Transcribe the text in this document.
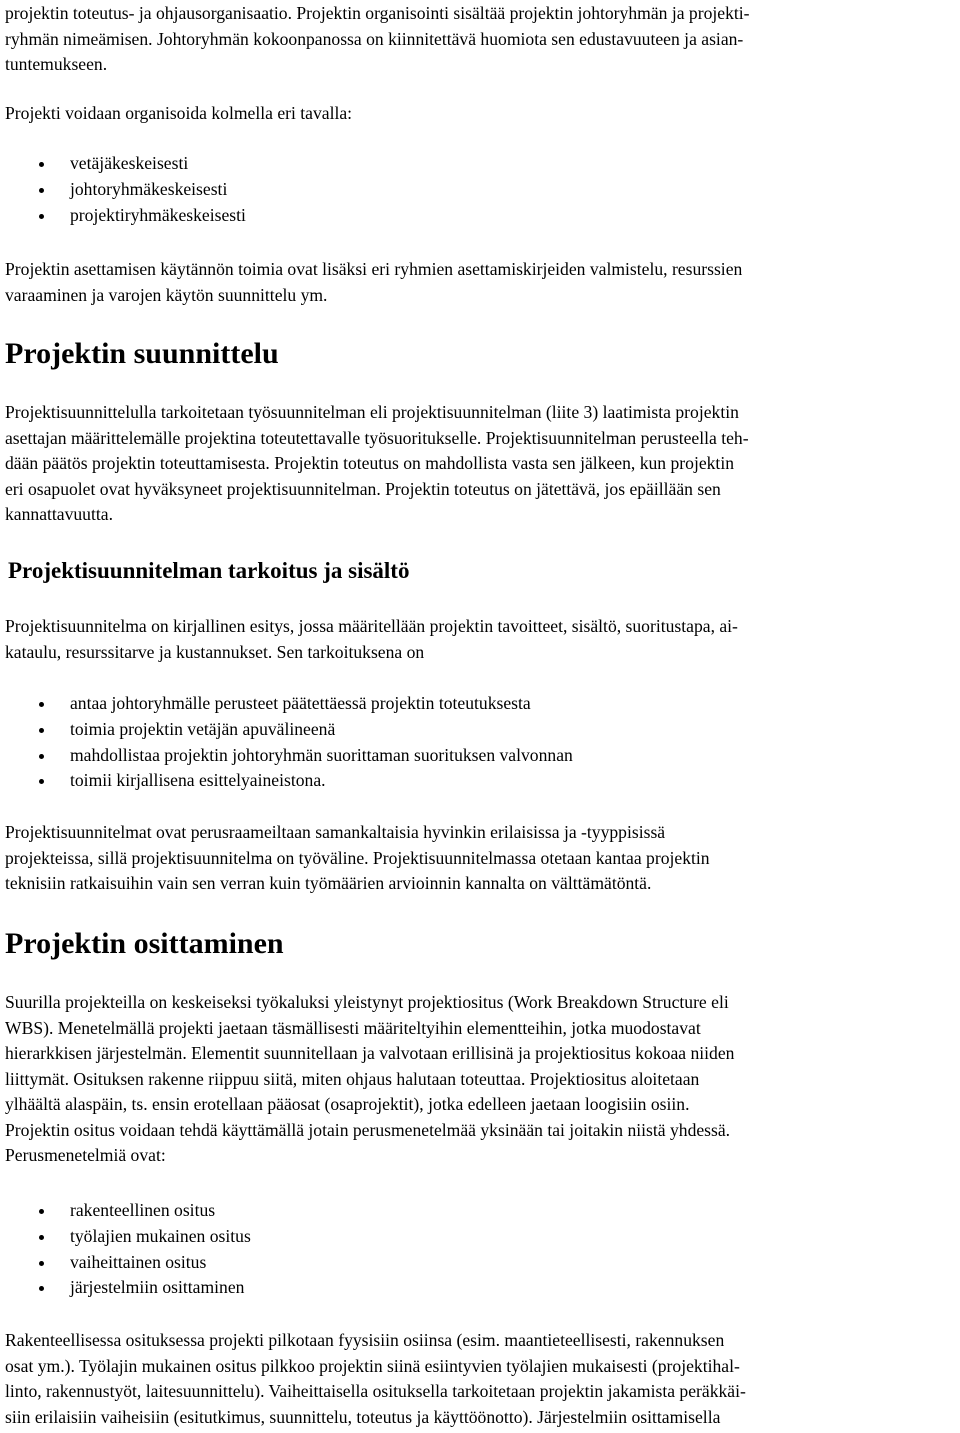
projektin toteutus- ja ohjausorganisaatio. Projektin organisointi sisältää projektin johtoryhmän ja projekti-
ryhmän nimeämisen. Johtoryhmän kokoonpanossa on kiinnitettävä huomiota sen edustavuuteen ja asian-
tuntemukseen.
Projekti voidaan organisoida kolmella eri tavalla:
vetäjäkeskeisesti
johtoryhmäkeskeisesti
projektiryhmäkeskeisesti
Projektin asettamisen käytännön toimia ovat lisäksi eri ryhmien asettamiskirjeiden valmistelu, resurssien
varaaminen ja varojen käytön suunnittelu ym.
Projektin suunnittelu
Projektisuunnittelulla tarkoitetaan työsuunnitelman eli projektisuunnitelman (liite 3) laatimista projektin
asettajan määrittelemälle projektina toteutettavalle työsuoritukselle. Projektisuunnitelman perusteella teh-
dään päätös projektin toteuttamisesta. Projektin toteutus on mahdollista vasta sen jälkeen, kun projektin
eri osapuolet ovat hyväksyneet projektisuunnitelman. Projektin toteutus on jätettävä, jos epäillään sen
kannattavuutta.
Projektisuunnitelman tarkoitus ja sisältö
Projektisuunnitelma on kirjallinen esitys, jossa määritellään projektin tavoitteet, sisältö, suoritustapa, ai-
kataulu, resurssitarve ja kustannukset. Sen tarkoituksena on
antaa johtoryhmälle perusteet päätettäessä projektin toteutuksesta
toimia projektin vetäjän apuvälineenä
mahdollistaa projektin johtoryhmän suorittaman suorituksen valvonnan
toimii kirjallisena esittelyaineistona.
Projektisuunnitelmat ovat perusraameiltaan samankaltaisia hyvinkin erilaisissa ja -tyyppisissä
projekteissa, sillä projektisuunnitelma on työväline. Projektisuunnitelmassa otetaan kantaa projektin
teknisiin ratkaisuihin vain sen verran kuin työmäärien arvioinnin kannalta on välttämätöntä.
Projektin osittaminen
Suurilla projekteilla on keskeiseksi työkaluksi yleistynyt projektiositus (Work Breakdown Structure eli
WBS). Menetelmällä projekti jaetaan täsmällisesti määriteltyihin elementteihin, jotka muodostavat
hierarkkisen järjestelmän. Elementit suunnitellaan ja valvotaan erillisinä ja projektiositus kokoaa niiden
liittymät. Osituksen rakenne riippuu siitä, miten ohjaus halutaan toteuttaa. Projektiositus aloitetaan
ylhäältä alaspäin, ts. ensin erotellaan pääosat (osaprojektit), jotka edelleen jaetaan loogisiin osiin.
Projektin ositus voidaan tehdä käyttämällä jotain perusmenetelmää yksinään tai joitakin niistä yhdessä.
Perusmenetelmiä ovat:
rakenteellinen ositus
työlajien mukainen ositus
vaiheittainen ositus
järjestelmiin osittaminen
Rakenteellisessa osituksessa projekti pilkotaan fyysisiin osiinsa (esim. maantieteellisesti, rakennuksen
osat ym.). Työlajin mukainen ositus pilkkoo projektin siinä esiintyvien työlajien mukaisesti (projektihal-
linto, rakennustyöt, laitesuunnittelu). Vaiheittaisella osituksella tarkoitetaan projektin jakamista peräkkäi-
siin erilaisiin vaiheisiin (esitutkimus, suunnittelu, toteutus ja käyttöönotto). Järjestelmiin osittamisella
